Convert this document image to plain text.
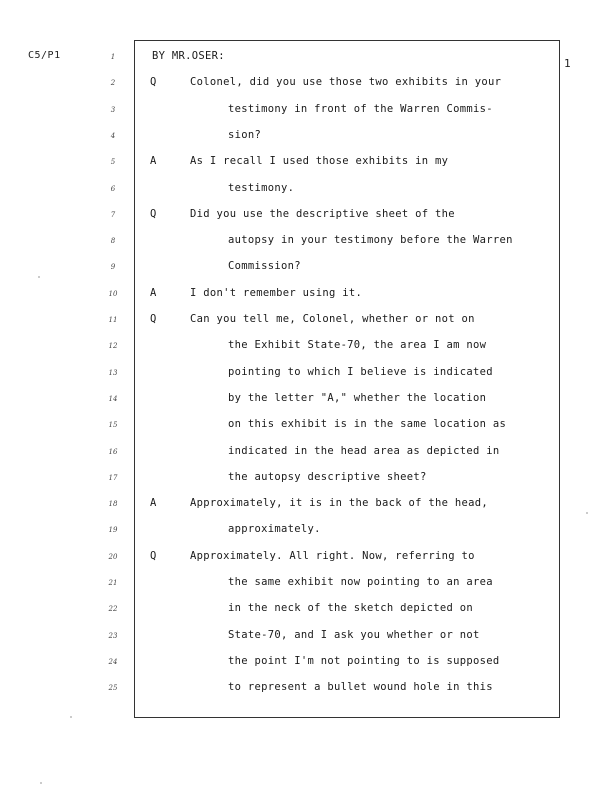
C5/P1
1
1	BY MR.OSER:
2	Q	Colonel, did you use those two exhibits in your
3	testimony in front of the Warren Commis-
4	sion?
5	A	As I recall I used those exhibits in my
6	testimony.
7	Q	Did you use the descriptive sheet of the
8	autopsy in your testimony before the Warren
9	Commission?
10	A	I don't remember using it.
11	Q	Can you tell me, Colonel, whether or not on
12	the Exhibit State-70, the area I am now
13	pointing to which I believe is indicated
14	by the letter "A," whether the location
15	on this exhibit is in the same location as
16	indicated in the head area as depicted in
17	the autopsy descriptive sheet?
18	A	Approximately, it is in the back of the head,
19	approximately.
20	Q	Approximately. All right. Now, referring to
21	the same exhibit now pointing to an area
22	in the neck of the sketch depicted on
23	State-70, and I ask you whether or not
24	the point I'm not pointing to is supposed
25	to represent a bullet wound hole in this
